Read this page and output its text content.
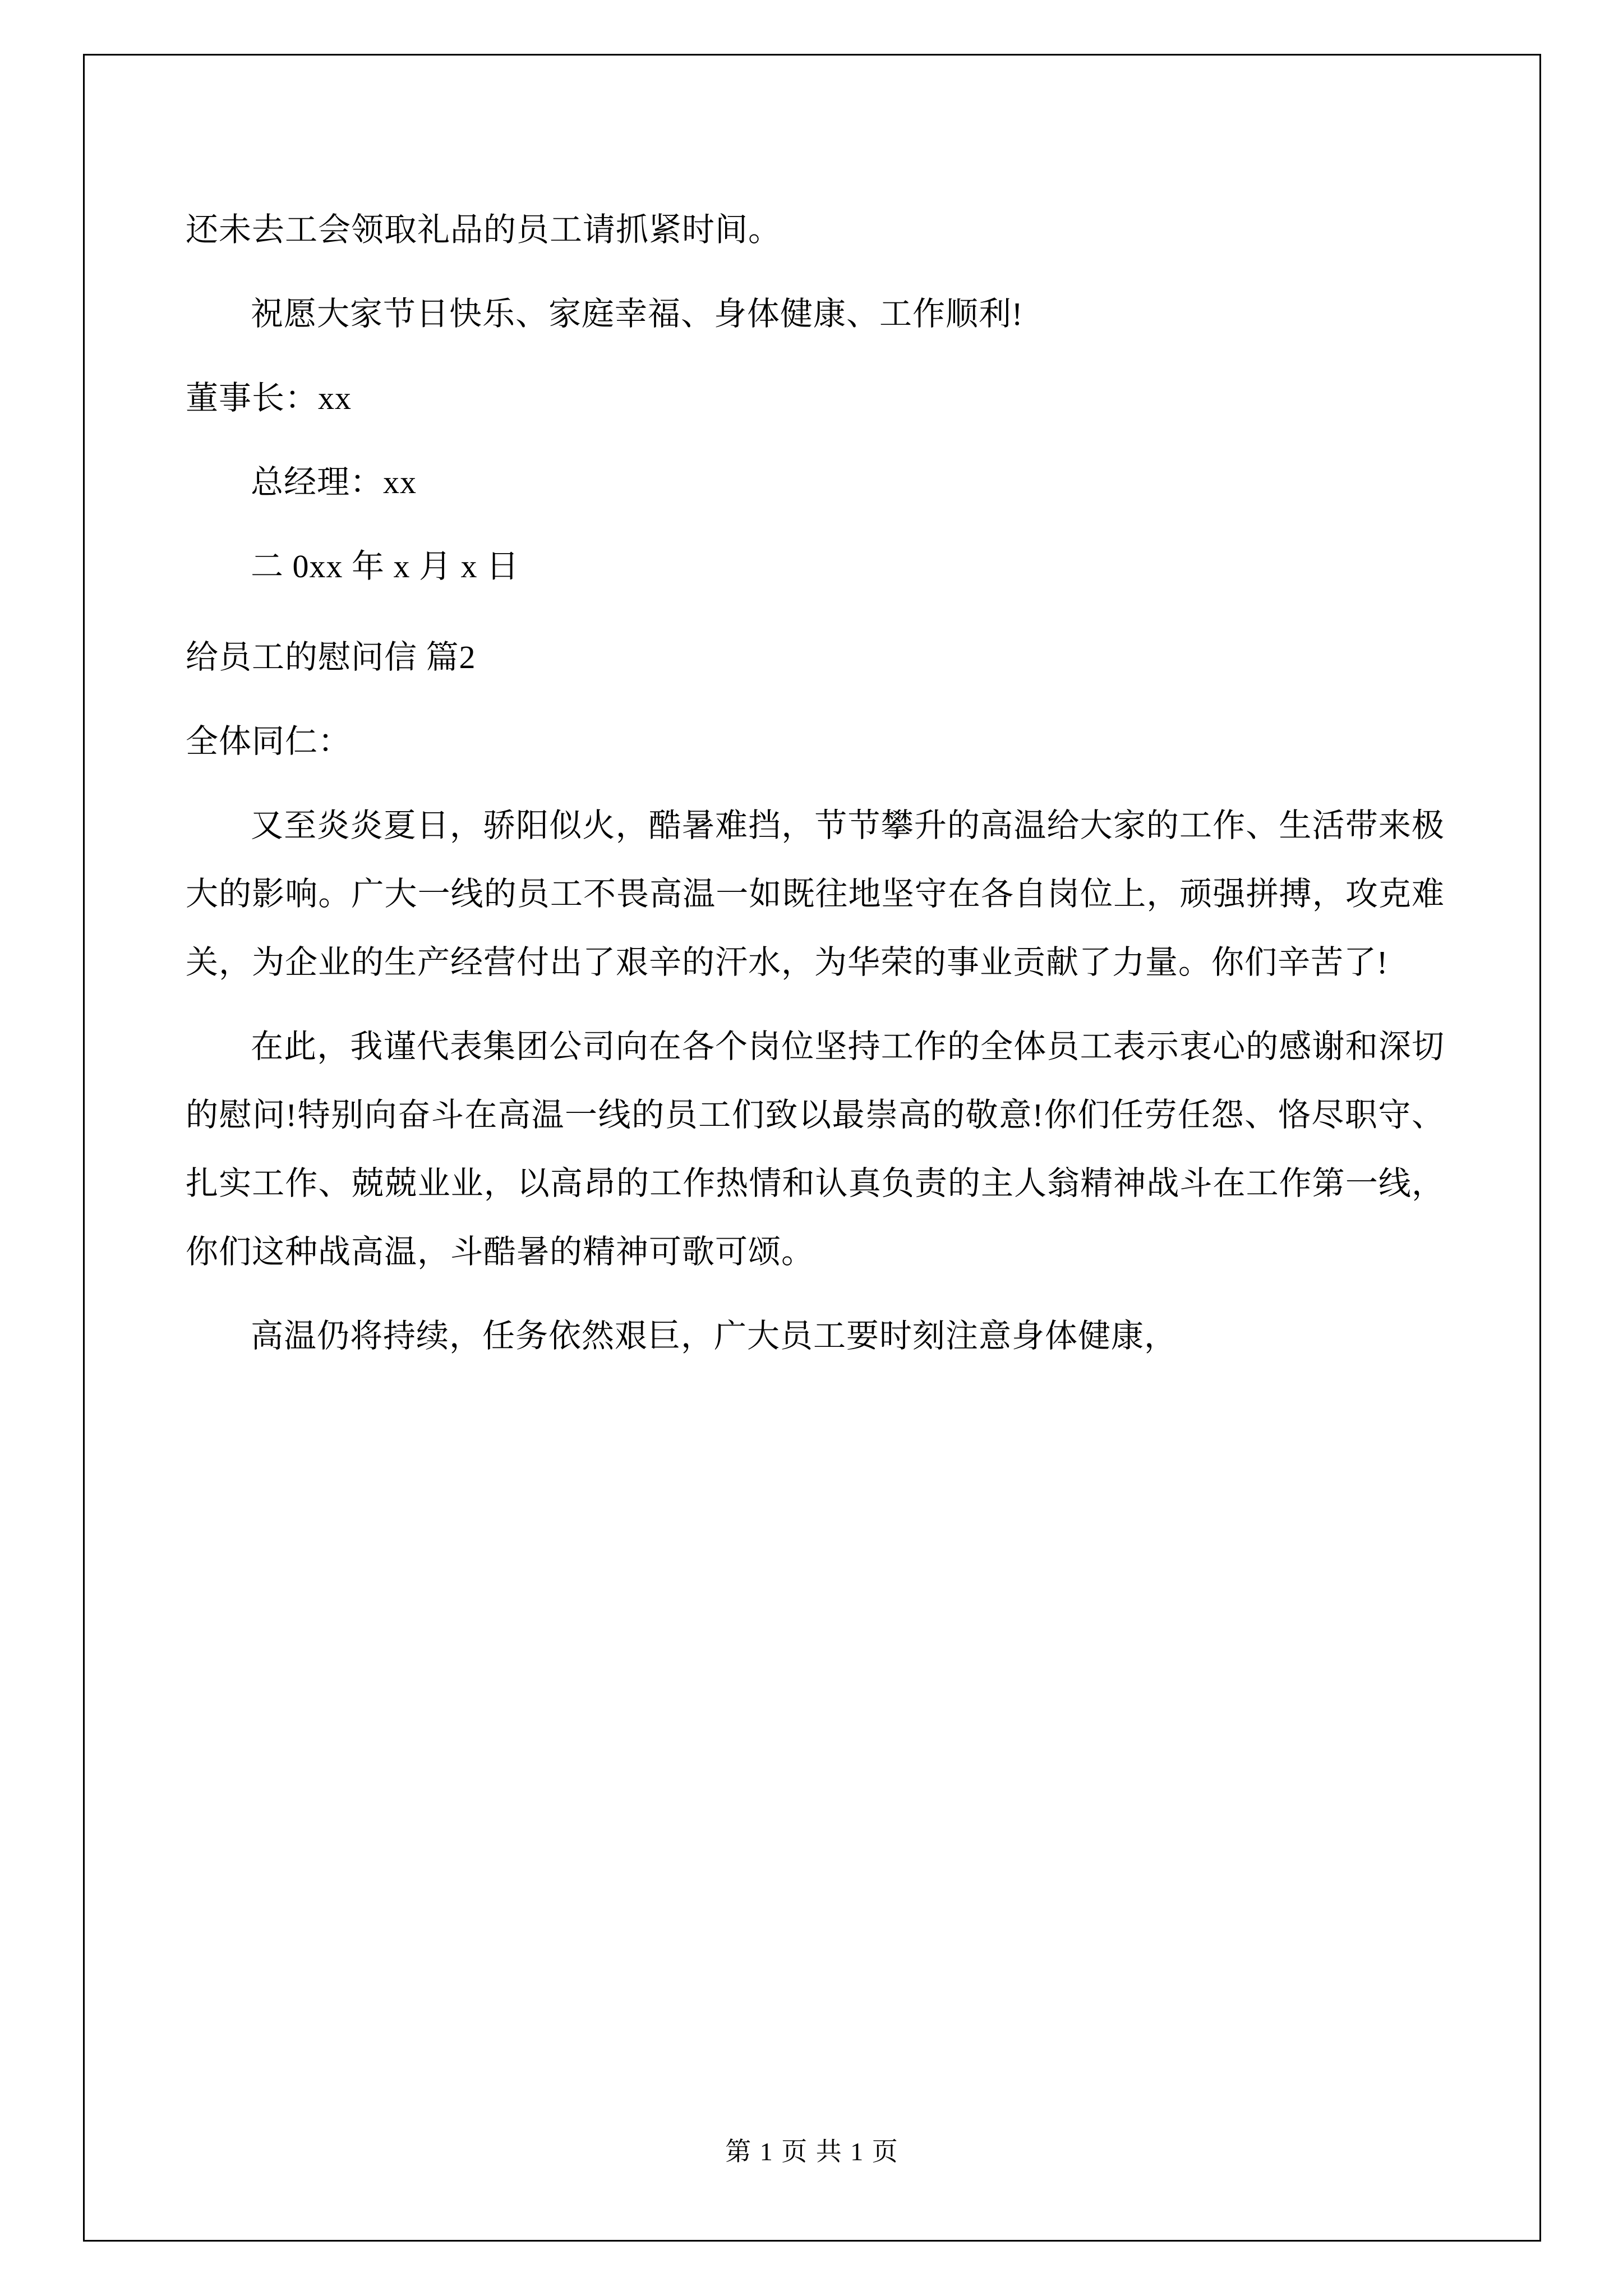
还未去工会领取礼品的员工请抓紧时间。

祝愿大家节日快乐、家庭幸福、身体健康、工作顺利!

董事长：xx

总经理：xx

二 0xx 年 x 月 x 日

给员工的慰问信 篇2

全体同仁：

又至炎炎夏日，骄阳似火，酷暑难挡，节节攀升的高温给大家的工作、生活带来极大的影响。广大一线的员工不畏高温一如既往地坚守在各自岗位上，顽强拼搏，攻克难关，为企业的生产经营付出了艰辛的汗水，为华荣的事业贡献了力量。你们辛苦了!

在此，我谨代表集团公司向在各个岗位坚持工作的全体员工表示衷心的感谢和深切的慰问!特别向奋斗在高温一线的员工们致以最崇高的敬意!你们任劳任怨、恪尽职守、扎实工作、兢兢业业，以高昂的工作热情和认真负责的主人翁精神战斗在工作第一线，你们这种战高温，斗酷暑的精神可歌可颂。

高温仍将持续，任务依然艰巨，广大员工要时刻注意身体健康，

第 1 页 共 1 页
